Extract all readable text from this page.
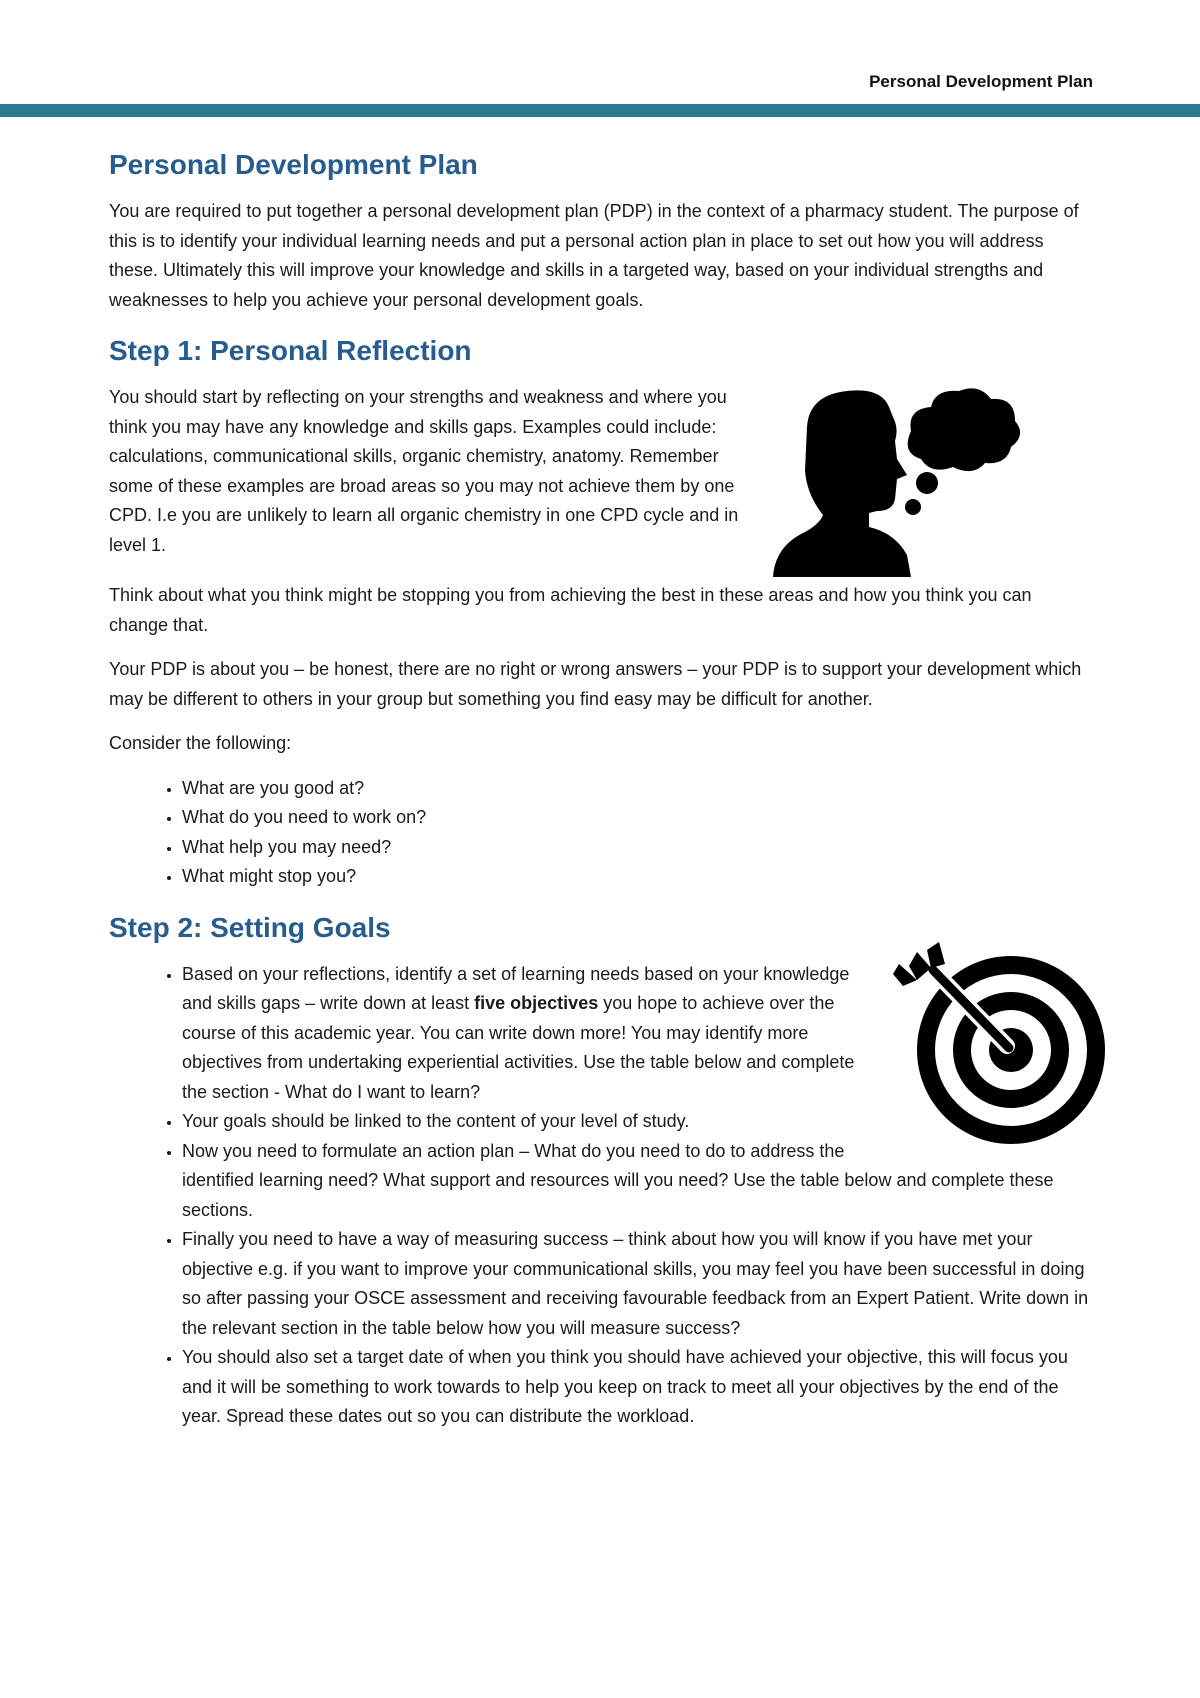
Personal Development Plan
Personal Development Plan

You are required to put together a personal development plan (PDP) in the context of a pharmacy student. The purpose of this is to identify your individual learning needs and put a personal action plan in place to set out how you will address these. Ultimately this will improve your knowledge and skills in a targeted way, based on your individual strengths and weaknesses to help you achieve your personal development goals.

Step 1: Personal Reflection

You should start by reflecting on your strengths and weakness and where you think you may have any knowledge and skills gaps. Examples could include: calculations, communicational skills, organic chemistry, anatomy. Remember some of these examples are broad areas so you may not achieve them by one CPD. I.e you are unlikely to learn all organic chemistry in one CPD cycle and in level 1.

Think about what you think might be stopping you from achieving the best in these areas and how you think you can change that.

Your PDP is about you – be honest, there are no right or wrong answers – your PDP is to support your development which may be different to others in your group but something you find easy may be difficult for another.

Consider the following:

• What are you good at?
• What do you need to work on?
• What help you may need?
• What might stop you?
Step 2: Setting Goals
• Based on your reflections, identify a set of learning needs based on your knowledge and skills gaps – write down at least five objectives you hope to achieve over the course of this academic year. You can write down more! You may identify more objectives from undertaking experiential activities. Use the table below and complete the section - What do I want to learn?
• Your goals should be linked to the content of your level of study.
• Now you need to formulate an action plan – What do you need to do to address the identified learning need? What support and resources will you need? Use the table below and complete these sections.
• Finally you need to have a way of measuring success – think about how you will know if you have met your objective e.g. if you want to improve your communicational skills, you may feel you have been successful in doing so after passing your OSCE assessment and receiving favourable feedback from an Expert Patient. Write down in the relevant section in the table below how you will measure success?
• You should also set a target date of when you think you should have achieved your objective, this will focus you and it will be something to work towards to help you keep on track to meet all your objectives by the end of the year. Spread these dates out so you can distribute the workload.
